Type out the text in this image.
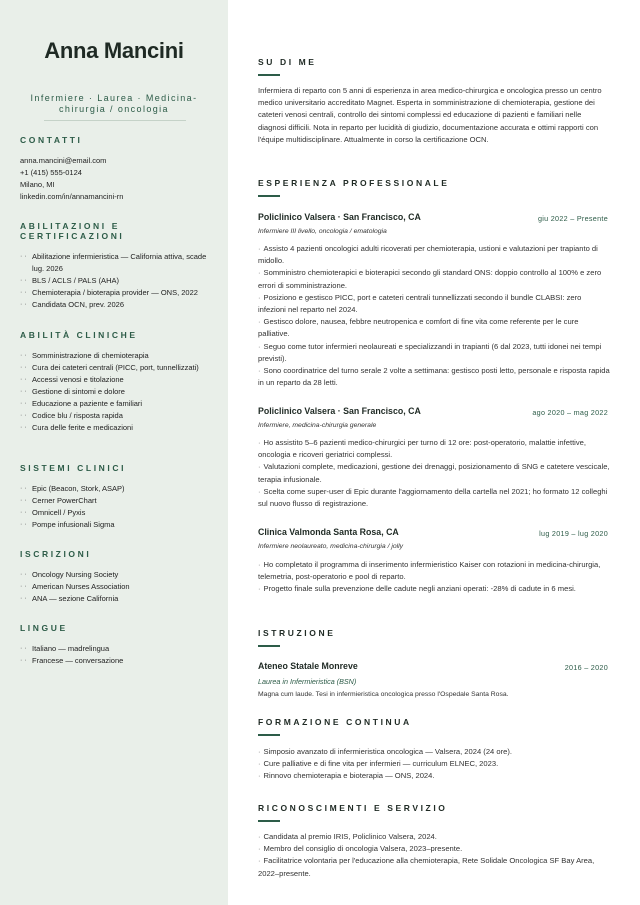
Anna Mancini
Infermiere · Laurea · Medicina-chirurgia / oncologia
CONTATTI
anna.mancini@email.com
+1 (415) 555-0124
Milano, MI
linkedin.com/in/annamancini-rn
ABILITAZIONI E CERTIFICAZIONI
· · Abilitazione infermieristica — California attiva, scade lug. 2026
· · BLS / ACLS / PALS (AHA)
· · Chemioterapia / bioterapia provider — ONS, 2022
· · Candidata OCN, prev. 2026
ABILITÀ CLINICHE
· · Somministrazione di chemioterapia
· · Cura dei cateteri centrali (PICC, port, tunnellizzati)
· · Accessi venosi e titolazione
· · Gestione di sintomi e dolore
· · Educazione a paziente e familiari
· · Codice blu / risposta rapida
· · Cura delle ferite e medicazioni
SISTEMI CLINICI
· · Epic (Beacon, Stork, ASAP)
· · Cerner PowerChart
· · Omnicell / Pyxis
· · Pompe infusionali Sigma
ISCRIZIONI
· · Oncology Nursing Society
· · American Nurses Association
· · ANA — sezione California
LINGUE
· · Italiano — madrelingua
· · Francese — conversazione
SU DI ME
Infermiera di reparto con 5 anni di esperienza in area medico-chirurgica e oncologica presso un centro medico universitario accreditato Magnet. Esperta in somministrazione di chemioterapia, gestione dei cateteri venosi centrali, controllo dei sintomi complessi ed educazione di pazienti e familiari nelle diagnosi difficili. Nota in reparto per lucidità di giudizio, documentazione accurata e ottimi rapporti con l'équipe multidisciplinare. Attualmente in corso la certificazione OCN.
ESPERIENZA PROFESSIONALE
Policlinico Valsera · San Francisco, CA	giu 2022 – Presente
Infermiere III livello, oncologia / ematologia
· Assisto 4 pazienti oncologici adulti ricoverati per chemioterapia, ustioni e valutazioni per trapianto di midollo.
· Somministro chemioterapici e bioterapici secondo gli standard ONS: doppio controllo al 100% e zero errori di somministrazione.
· Posiziono e gestisco PICC, port e cateteri centrali tunnellizzati secondo il bundle CLABSI: zero infezioni nel reparto nel 2024.
· Gestisco dolore, nausea, febbre neutropenica e comfort di fine vita come referente per le cure palliative.
· Seguo come tutor infermieri neolaureati e specializzandi in trapianti (6 dal 2023, tutti idonei nei tempi previsti).
· Sono coordinatrice del turno serale 2 volte a settimana: gestisco posti letto, personale e risposta rapida in un reparto da 28 letti.
Policlinico Valsera · San Francisco, CA	ago 2020 – mag 2022
Infermiere, medicina-chirurgia generale
· Ho assistito 5–6 pazienti medico-chirurgici per turno di 12 ore: post-operatorio, malattie infettive, oncologia e ricoveri geriatrici complessi.
· Valutazioni complete, medicazioni, gestione dei drenaggi, posizionamento di SNG e catetere vescicale, terapia infusionale.
· Scelta come super-user di Epic durante l'aggiornamento della cartella nel 2021; ho formato 12 colleghi sul nuovo flusso di registrazione.
Clinica Valmonda Santa Rosa, CA	lug 2019 – lug 2020
Infermiere neolaureato, medicina-chirurgia / jolly
· Ho completato il programma di inserimento infermieristico Kaiser con rotazioni in medicina-chirurgia, telemetria, post-operatorio e pool di reparto.
· Progetto finale sulla prevenzione delle cadute negli anziani operati: -28% di cadute in 6 mesi.
ISTRUZIONE
Ateneo Statale Monreve	2016 – 2020
Laurea in Infermieristica (BSN)
Magna cum laude. Tesi in infermieristica oncologica presso l'Ospedale Santa Rosa.
FORMAZIONE CONTINUA
· Simposio avanzato di infermieristica oncologica — Valsera, 2024 (24 ore).
· Cure palliative e di fine vita per infermieri — curriculum ELNEC, 2023.
· Rinnovo chemioterapia e bioterapia — ONS, 2024.
RICONOSCIMENTI E SERVIZIO
· Candidata al premio IRIS, Policlinico Valsera, 2024.
· Membro del consiglio di oncologia Valsera, 2023–presente.
· Facilitatrice volontaria per l'educazione alla chemioterapia, Rete Solidale Oncologica SF Bay Area, 2022–presente.
